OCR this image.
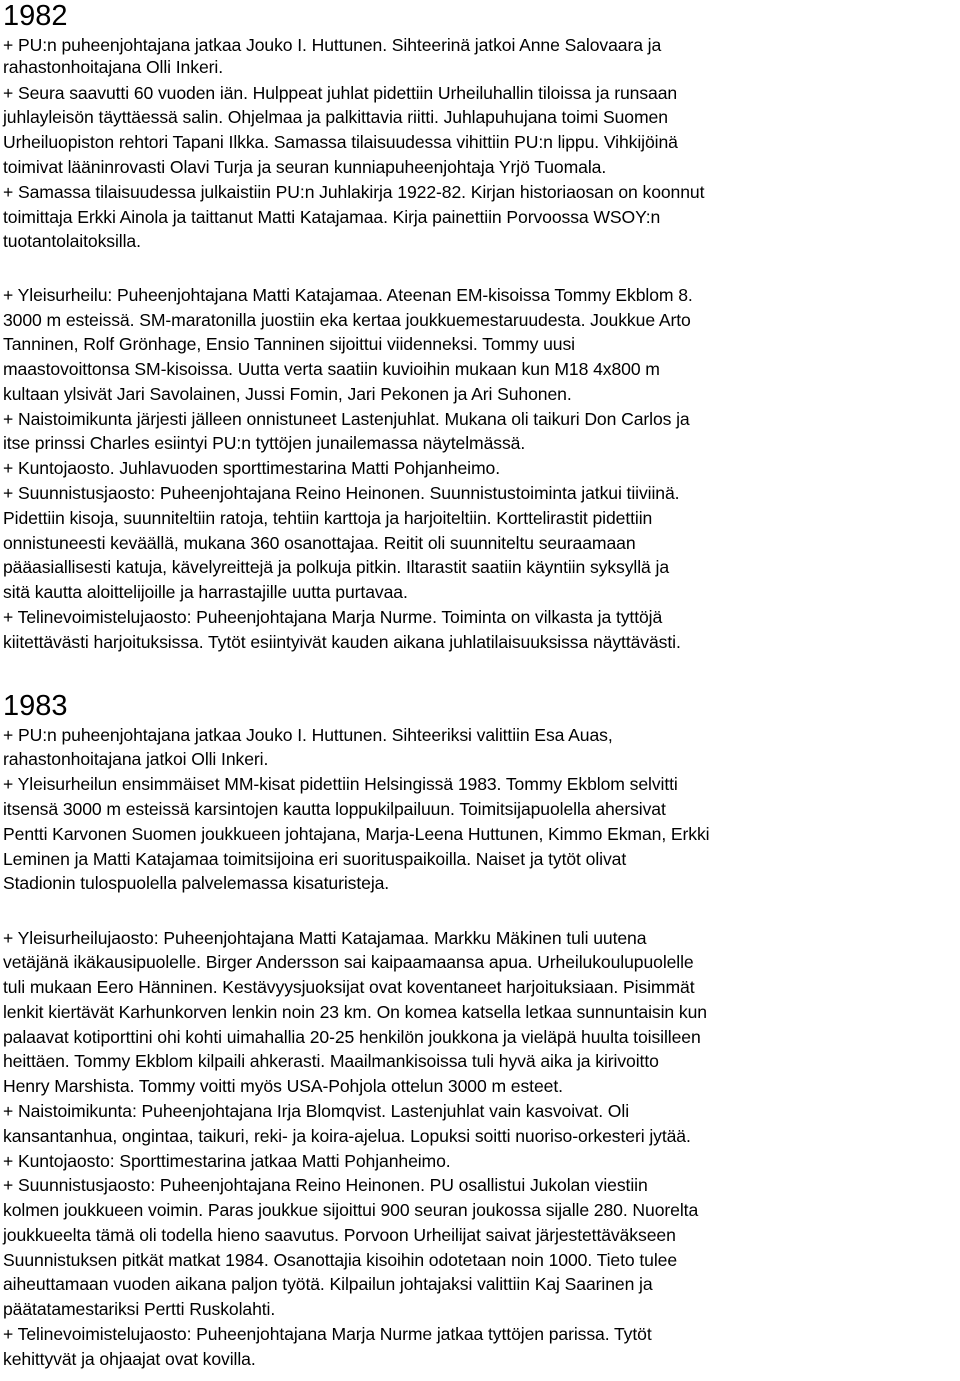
1982
+ PU:n puheenjohtajana jatkaa Jouko I. Huttunen. Sihteerinä jatkoi Anne Salovaara ja
rahastonhoitajana Olli Inkeri.
+ Seura saavutti 60 vuoden iän. Hulppeat juhlat pidettiin Urheiluhallin tiloissa ja runsaan
juhlayleisön täyttäessä salin. Ohjelmaa ja palkittavia riitti. Juhlapuhujana toimi Suomen
Urheiluopiston rehtori Tapani Ilkka. Samassa tilaisuudessa vihittiin PU:n lippu. Vihkijöinä
toimivat lääninrovasti Olavi Turja ja seuran kunniapuheenjohtaja Yrjö Tuomala.
+ Samassa tilaisuudessa julkaistiin PU:n Juhlakirja 1922-82. Kirjan historiaosan on koonnut
toimittaja Erkki Ainola ja taittanut Matti Katajamaa. Kirja painettiin Porvoossa WSOY:n
tuotantolaitoksilla.
+ Yleisurheilu: Puheenjohtajana Matti Katajamaa. Ateenan EM-kisoissa Tommy Ekblom 8.
3000 m esteissä. SM-maratonilla juostiin eka kertaa joukkuemestaruudesta. Joukkue Arto
Tanninen, Rolf Grönhage, Ensio Tanninen sijoittui viidenneksi. Tommy uusi
maastovoittonsa SM-kisoissa. Uutta verta saatiin kuvioihin mukaan kun M18 4x800 m
kultaan ylsivät Jari Savolainen, Jussi Fomin, Jari Pekonen ja Ari Suhonen.
+ Naistoimikunta järjesti jälleen onnistuneet Lastenjuhlat. Mukana oli taikuri Don Carlos ja
itse prinssi Charles esiintyi PU:n tyttöjen junailemassa näytelmässä.
+ Kuntojaosto. Juhlavuoden sporttimestarina Matti Pohjanheimo.
+ Suunnistusjaosto: Puheenjohtajana Reino Heinonen. Suunnistustoiminta jatkui tiiviinä.
Pidettiin kisoja, suunniteltiin ratoja, tehtiin karttoja ja harjoiteltiin. Korttelirastit pidettiin
onnistuneesti keväällä, mukana 360 osanottajaa. Reitit oli suunniteltu seuraamaan
pääasiallisesti katuja, kävelyreittejä ja polkuja pitkin. Iltarastit saatiin käyntiin syksyllä ja
sitä kautta aloittelijoille ja harrastajille uutta purtavaa.
+ Telinevoimistelujaosto: Puheenjohtajana Marja Nurme. Toiminta on vilkasta ja tyttöjä
kiitettävästi harjoituksissa. Tytöt esiintyivät kauden aikana juhlatilaisuuksissa näyttävästi.
1983
+ PU:n puheenjohtajana jatkaa Jouko I. Huttunen. Sihteeriksi valittiin Esa Auas,
rahastonhoitajana jatkoi Olli Inkeri.
+ Yleisurheilun ensimmäiset MM-kisat pidettiin Helsingissä 1983. Tommy Ekblom selvitti
itsensä 3000 m esteissä karsintojen kautta loppukilpailuun. Toimitsijapuolella ahersivat
Pentti Karvonen Suomen joukkueen johtajana, Marja-Leena Huttunen, Kimmo Ekman, Erkki
Leminen ja Matti Katajamaa toimitsijoina eri suorituspaikoilla. Naiset ja tytöt olivat
Stadionin tulospuolella palvelemassa kisaturisteja.
+ Yleisurheilujaosto: Puheenjohtajana Matti Katajamaa. Markku Mäkinen tuli uutena
vetäjänä ikäkausipuolelle. Birger Andersson sai kaipaamaansa apua. Urheilukoulupuolelle
tuli mukaan Eero Hänninen. Kestävyysjuoksijat ovat koventaneet harjoituksiaan. Pisimmät
lenkit kiertävät Karhunkorven lenkin noin 23 km. On komea katsella letkaa sunnuntaisin kun
palaavat kotiporttini ohi kohti uimahallia 20-25 henkilön joukkona ja vieläpä huulta toisilleen
heittäen. Tommy Ekblom kilpaili ahkerasti. Maailmankisoissa tuli hyvä aika ja kirivoitto
Henry Marshista. Tommy voitti myös USA-Pohjola ottelun 3000 m esteet.
+ Naistoimikunta: Puheenjohtajana Irja Blomqvist. Lastenjuhlat vain kasvoivat. Oli
kansantanhua, ongintaa, taikuri, reki- ja koira-ajelua. Lopuksi soitti nuoriso-orkesteri jytää.
+ Kuntojaosto: Sporttimestarina jatkaa Matti Pohjanheimo.
+ Suunnistusjaosto: Puheenjohtajana Reino Heinonen. PU osallistui Jukolan viestiin
kolmen joukkueen voimin. Paras joukkue sijoittui 900 seuran joukossa sijalle 280. Nuorelta
joukkueelta tämä oli todella hieno saavutus. Porvoon Urheilijat saivat järjestettäväkseen
Suunnistuksen pitkät matkat 1984. Osanottajia kisoihin odotetaan noin 1000. Tieto tulee
aiheuttamaan vuoden aikana paljon työtä. Kilpailun johtajaksi valittiin Kaj Saarinen ja
päätatamestariksi Pertti Ruskolahti.
+ Telinevoimistelujaosto: Puheenjohtajana Marja Nurme jatkaa tyttöjen parissa. Tytöt
kehittyvät ja ohjaajat ovat kovilla.
